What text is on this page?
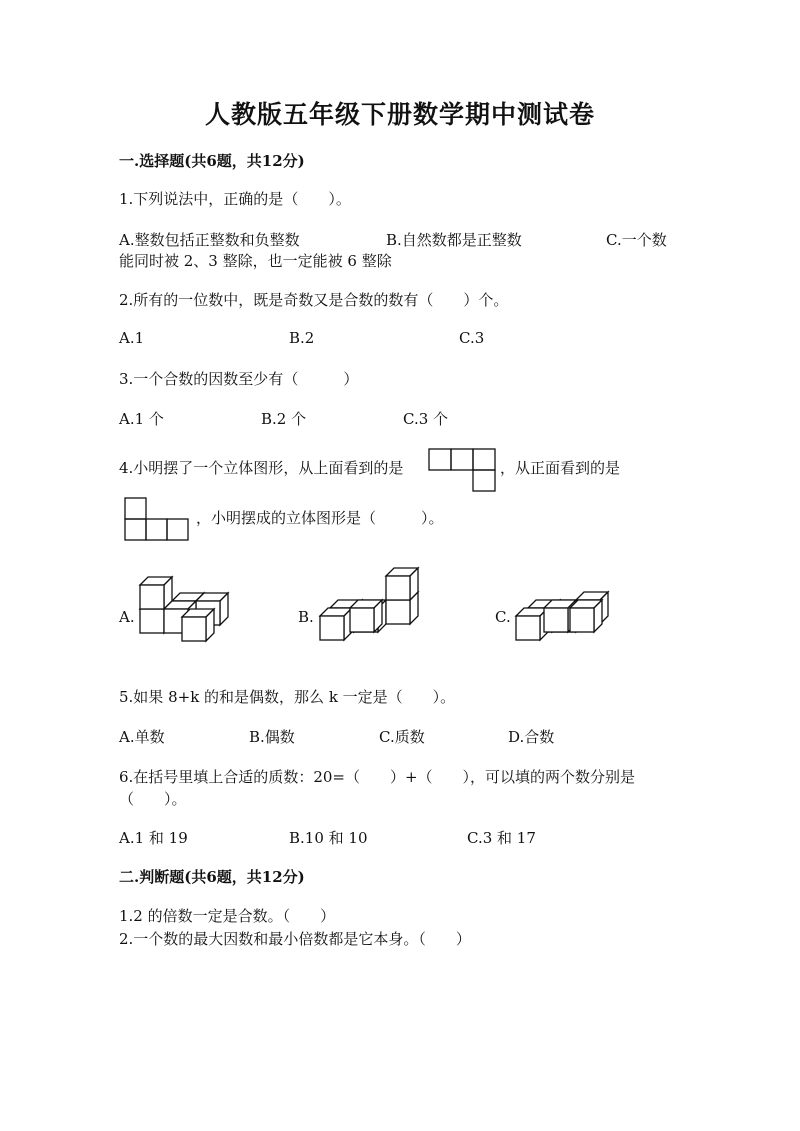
人教版五年级下册数学期中测试卷
一.选择题(共6题，共12分)
1.下列说法中，正确的是（　　）。
A.整数包括正整数和负整数	B.自然数都是正整数	C.一个数
能同时被 2、3 整除，也一定能被 6 整除
2.所有的一位数中，既是奇数又是合数的数有（　　）个。
A.1	B.2	C.3
3.一个合数的因数至少有（　　　）
A.1 个	B.2 个	C.3 个
4.小明摆了一个立体图形，从上面看到的是	，从正面看到的是
，小明摆成的立体图形是（　　　）。
A.	B.	C.
5.如果 8+k 的和是偶数，那么 k 一定是（　　）。
A.单数	B.偶数	C.质数	D.合数
6.在括号里填上合适的质数：20=（　　）+（　　），可以填的两个数分别是
（　　）。
A.1 和 19	B.10 和 10	C.3 和 17
二.判断题(共6题，共12分)
1.2 的倍数一定是合数。（　　）
2.一个数的最大因数和最小倍数都是它本身。（　　）
